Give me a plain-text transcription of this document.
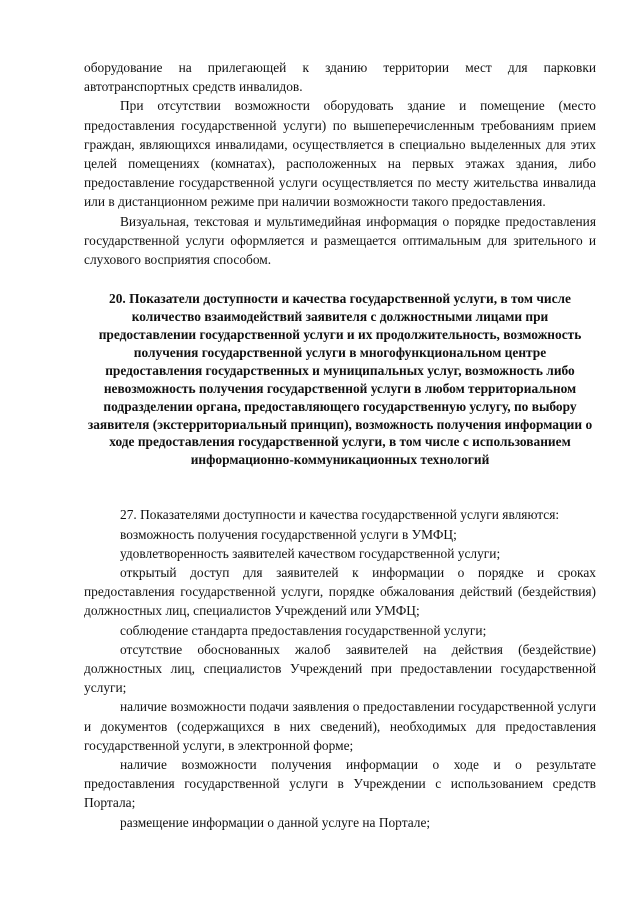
оборудование на прилегающей к зданию территории мест для парковки автотранспортных средств инвалидов.

При отсутствии возможности оборудовать здание и помещение (место предоставления государственной услуги) по вышеперечисленным требованиям прием граждан, являющихся инвалидами, осуществляется в специально выделенных для этих целей помещениях (комнатах), расположенных на первых этажах здания, либо предоставление государственной услуги осуществляется по месту жительства инвалида или в дистанционном режиме при наличии возможности такого предоставления.

Визуальная, текстовая и мультимедийная информация о порядке предоставления государственной услуги оформляется и размещается оптимальным для зрительного и слухового восприятия способом.

20. Показатели доступности и качества государственной услуги, в том числе количество взаимодействий заявителя с должностными лицами при предоставлении государственной услуги и их продолжительность, возможность получения государственной услуги в многофункциональном центре предоставления государственных и муниципальных услуг, возможность либо невозможность получения государственной услуги в любом территориальном подразделении органа, предоставляющего государственную услугу, по выбору заявителя (экстерриториальный принцип), возможность получения информации о ходе предоставления государственной услуги, в том числе с использованием информационно-коммуникационных технологий

27. Показателями доступности и качества государственной услуги являются:

возможность получения государственной услуги в УМФЦ;

удовлетворенность заявителей качеством государственной услуги;

открытый доступ для заявителей к информации о порядке и сроках предоставления государственной услуги, порядке обжалования действий (бездействия) должностных лиц, специалистов Учреждений или УМФЦ;

соблюдение стандарта предоставления государственной услуги;

отсутствие обоснованных жалоб заявителей на действия (бездействие) должностных лиц, специалистов Учреждений при предоставлении государственной услуги;

наличие возможности подачи заявления о предоставлении государственной услуги и документов (содержащихся в них сведений), необходимых для предоставления государственной услуги, в электронной форме;

наличие возможности получения информации о ходе и о результате предоставления государственной услуги в Учреждении с использованием средств Портала;

размещение информации о данной услуге на Портале;
